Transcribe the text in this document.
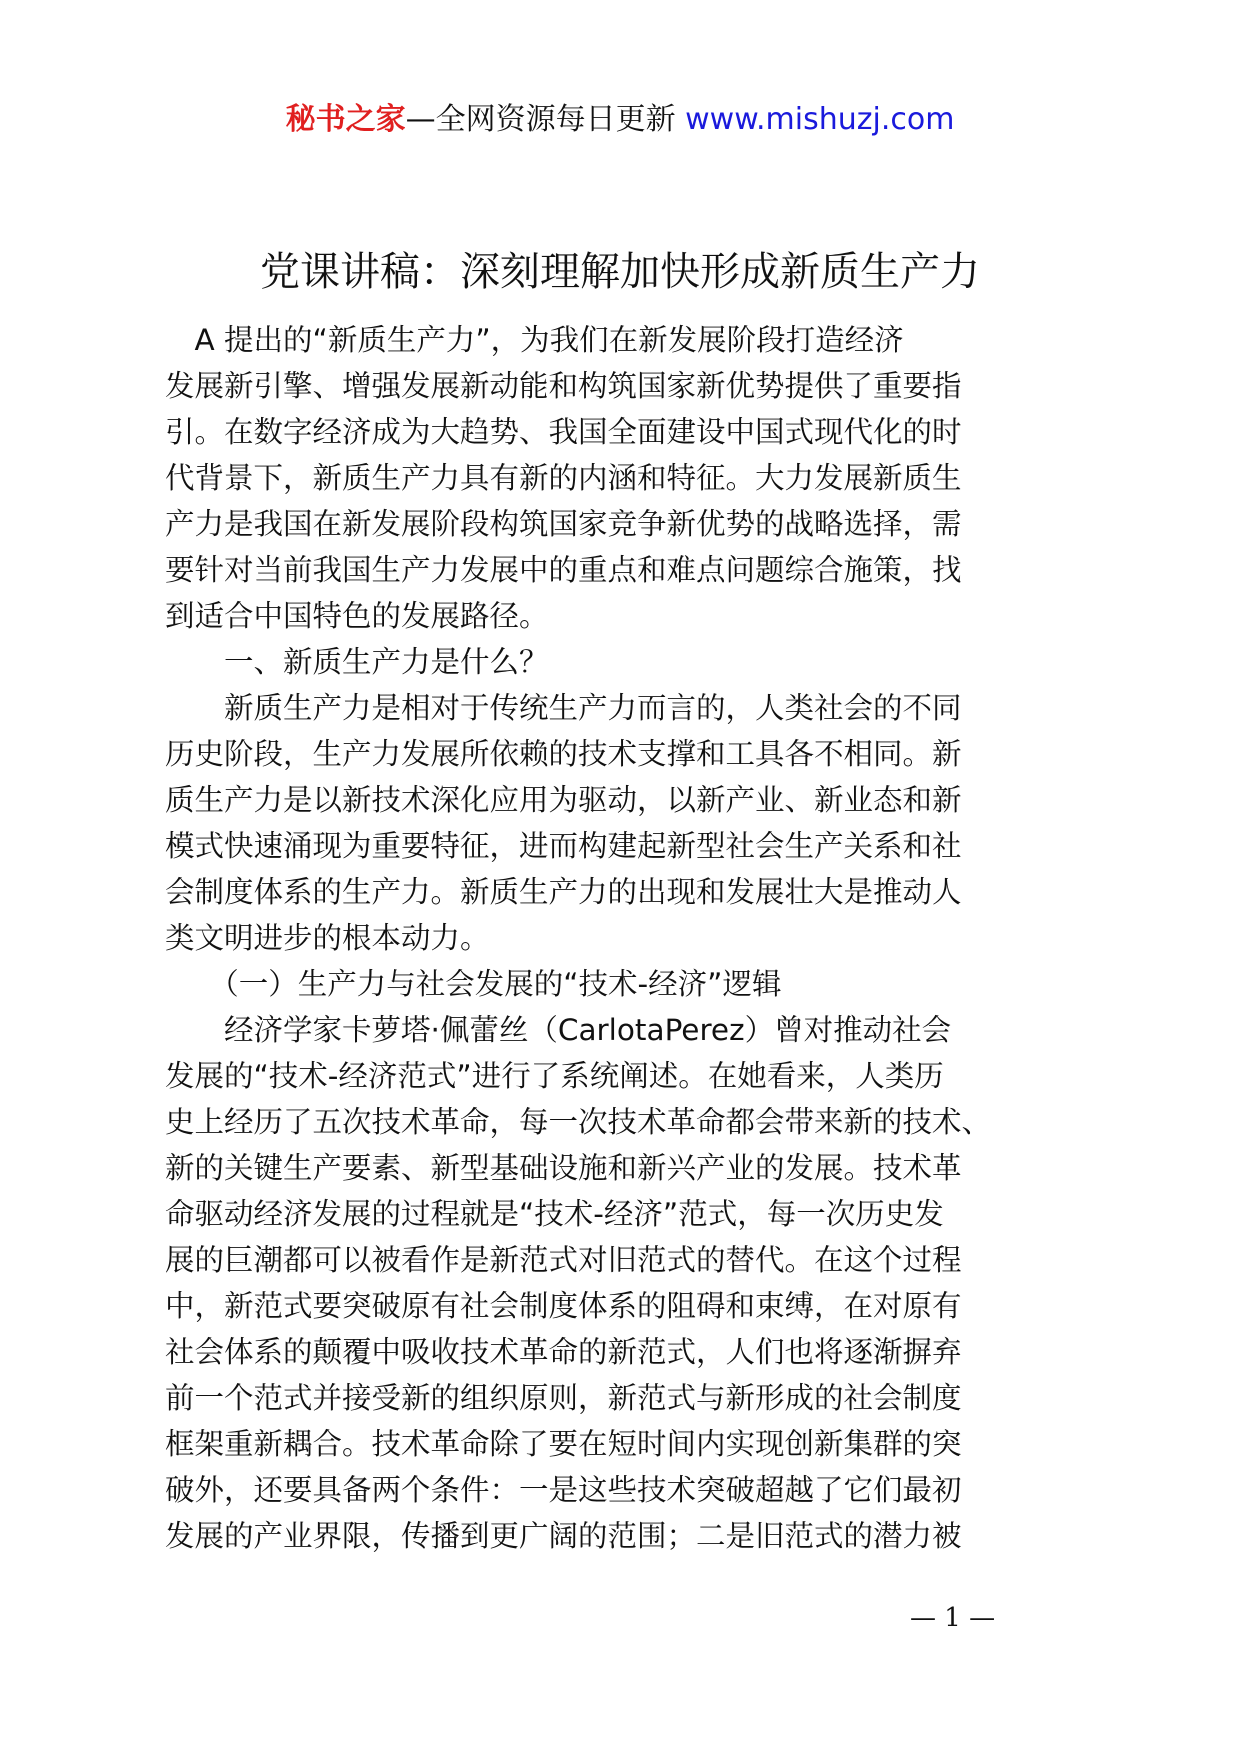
秘书之家—全网资源每日更新 www.mishuzj.com
党课讲稿：深刻理解加快形成新质生产力
　A 提出的“新质生产力”，为我们在新发展阶段打造经济
发展新引擎、增强发展新动能和构筑国家新优势提供了重要指
引。在数字经济成为大趋势、我国全面建设中国式现代化的时
代背景下，新质生产力具有新的内涵和特征。大力发展新质生
产力是我国在新发展阶段构筑国家竞争新优势的战略选择，需
要针对当前我国生产力发展中的重点和难点问题综合施策，找
到适合中国特色的发展路径。
　　一、新质生产力是什么？
　　新质生产力是相对于传统生产力而言的，人类社会的不同
历史阶段，生产力发展所依赖的技术支撑和工具各不相同。新
质生产力是以新技术深化应用为驱动，以新产业、新业态和新
模式快速涌现为重要特征，进而构建起新型社会生产关系和社
会制度体系的生产力。新质生产力的出现和发展壮大是推动人
类文明进步的根本动力。
　　（一）生产力与社会发展的“技术-经济”逻辑
　　经济学家卡萝塔·佩蕾丝（CarlotaPerez）曾对推动社会
发展的“技术-经济范式”进行了系统阐述。在她看来，人类历
史上经历了五次技术革命，每一次技术革命都会带来新的技术、
新的关键生产要素、新型基础设施和新兴产业的发展。技术革
命驱动经济发展的过程就是“技术-经济”范式，每一次历史发
展的巨潮都可以被看作是新范式对旧范式的替代。在这个过程
中，新范式要突破原有社会制度体系的阻碍和束缚，在对原有
社会体系的颠覆中吸收技术革命的新范式，人们也将逐渐摒弃
前一个范式并接受新的组织原则，新范式与新形成的社会制度
框架重新耦合。技术革命除了要在短时间内实现创新集群的突
破外，还要具备两个条件：一是这些技术突破超越了它们最初
发展的产业界限，传播到更广阔的范围；二是旧范式的潜力被
— 1 —
